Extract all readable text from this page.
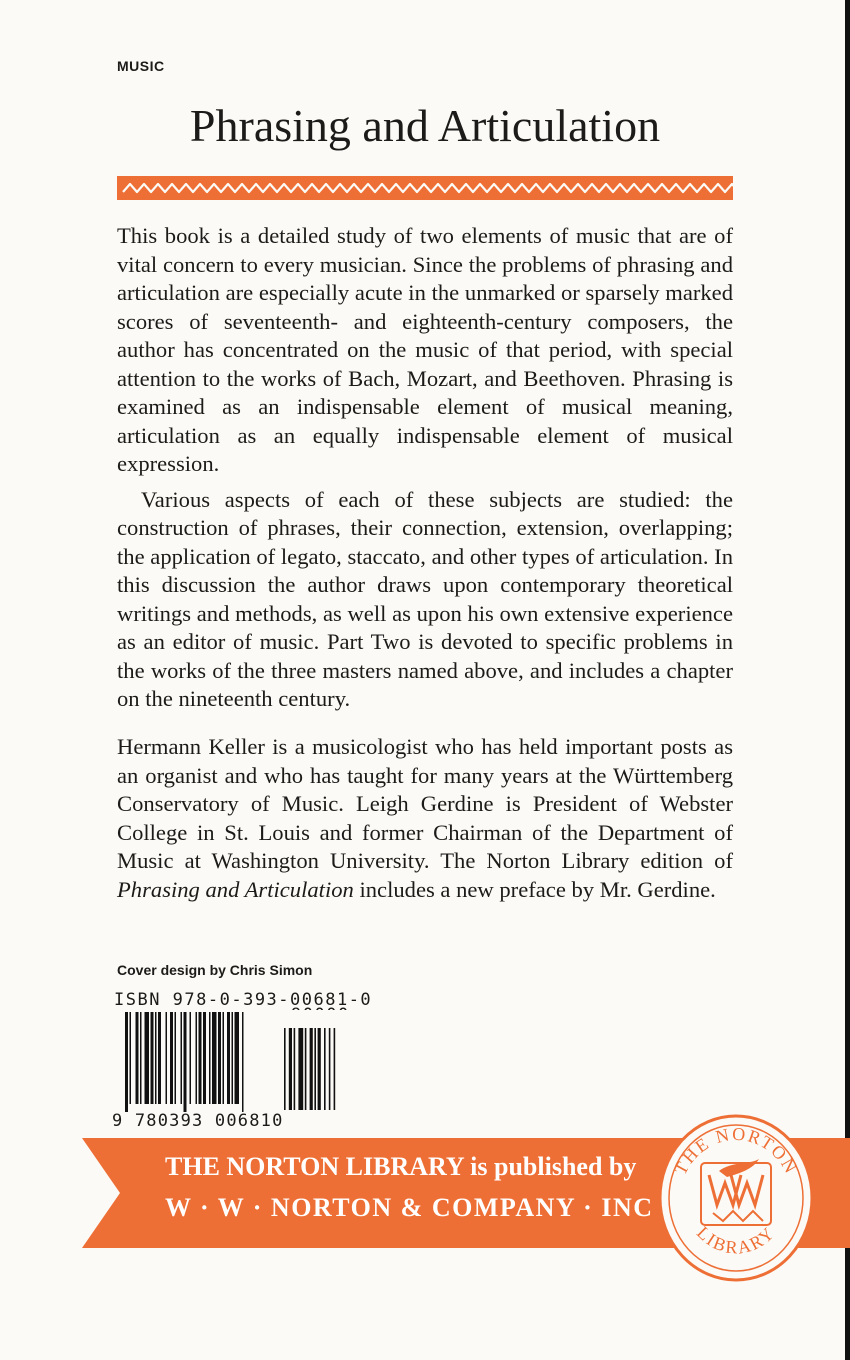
MUSIC
Phrasing and Articulation

This book is a detailed study of two elements of music that are of vital concern to every musician. Since the problems of phrasing and articulation are especially acute in the unmarked or sparsely marked scores of seventeenth- and eighteenth-century composers, the author has concentrated on the music of that period, with special attention to the works of Bach, Mozart, and Beethoven. Phrasing is examined as an indispensable element of musical meaning, articulation as an equally indispensable element of musical expression.

Various aspects of each of these subjects are studied: the construction of phrases, their connection, extension, overlapping; the application of legato, staccato, and other types of articulation. In this discussion the author draws upon contemporary theoretical writings and methods, as well as upon his own extensive experience as an editor of music. Part Two is devoted to specific problems in the works of the three masters named above, and includes a chapter on the nineteenth century.

Hermann Keller is a musicologist who has held important posts as an organist and who has taught for many years at the Württemberg Conservatory of Music. Leigh Gerdine is President of Webster College in St. Louis and former Chairman of the Department of Music at Washington University. The Norton Library edition of Phrasing and Articulation includes a new preface by Mr. Gerdine.
Cover design by Chris Simon
ISBN 978-0-393-00681-0
9 780393 006810
THE NORTON LIBRARY is published by
W · W · NORTON & COMPANY · INC
THE NORTON
LIBRARY
